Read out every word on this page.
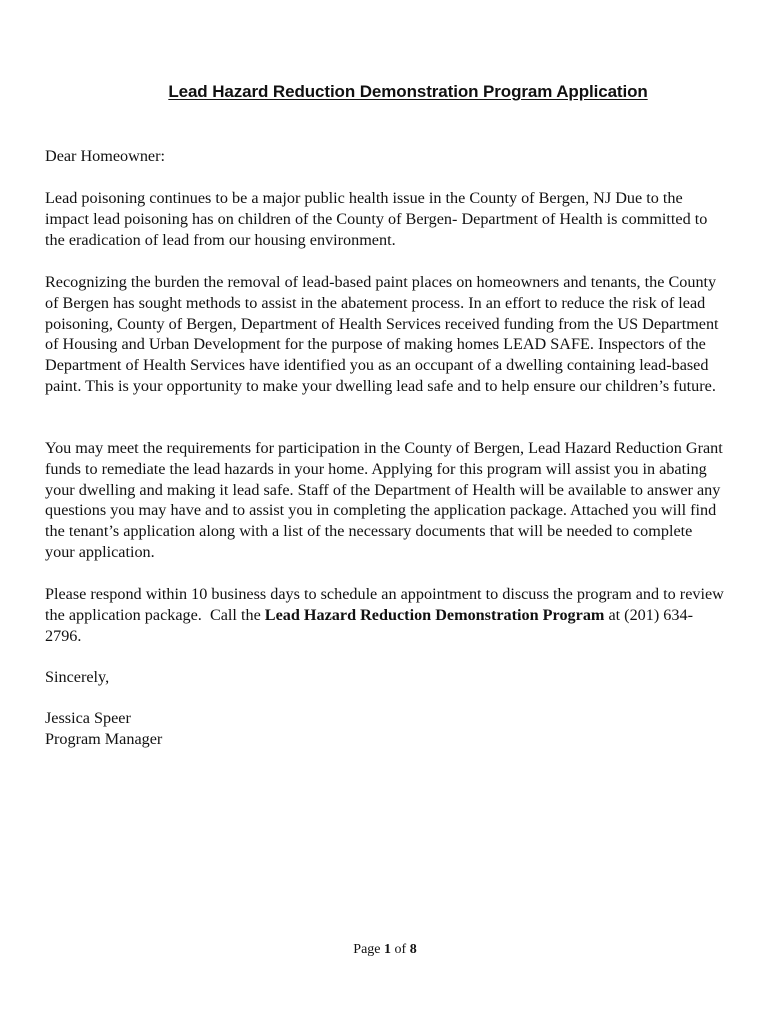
Lead Hazard Reduction Demonstration Program Application

Dear Homeowner:

Lead poisoning continues to be a major public health issue in the County of Bergen, NJ Due to the impact lead poisoning has on children of the County of Bergen- Department of Health is committed to the eradication of lead from our housing environment.

Recognizing the burden the removal of lead-based paint places on homeowners and tenants, the County of Bergen has sought methods to assist in the abatement process. In an effort to reduce the risk of lead poisoning, County of Bergen, Department of Health Services received funding from the US Department of Housing and Urban Development for the purpose of making homes LEAD SAFE. Inspectors of the Department of Health Services have identified you as an occupant of a dwelling containing lead-based paint. This is your opportunity to make your dwelling lead safe and to help ensure our children’s future.

You may meet the requirements for participation in the County of Bergen, Lead Hazard Reduction Grant funds to remediate the lead hazards in your home. Applying for this program will assist you in abating your dwelling and making it lead safe. Staff of the Department of Health will be available to answer any questions you may have and to assist you in completing the application package. Attached you will find the tenant’s application along with a list of the necessary documents that will be needed to complete your application.

Please respond within 10 business days to schedule an appointment to discuss the program and to review the application package.  Call the Lead Hazard Reduction Demonstration Program at (201) 634-2796.

Sincerely,

Jessica Speer

Program Manager

Page 1 of 8
